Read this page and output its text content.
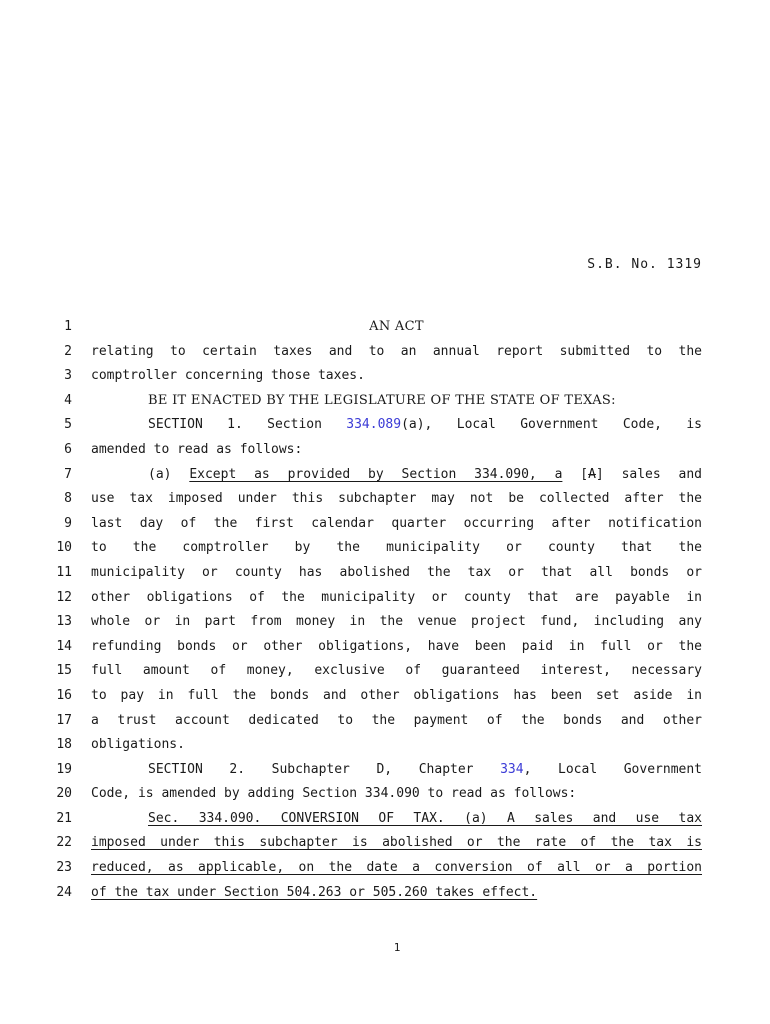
S.B. No. 1319
1	AN ACT
2 relating to certain taxes and to an annual report submitted to the
3 comptroller concerning those taxes.
4	BE IT ENACTED BY THE LEGISLATURE OF THE STATE OF TEXAS:
5	SECTION 1. Section 334.089(a), Local Government Code, is
6 amended to read as follows:
7	(a) Except as provided by Section 334.090, a [A] sales and
8 use tax imposed under this subchapter may not be collected after the
9 last day of the first calendar quarter occurring after notification
10 to the comptroller by the municipality or county that the
11 municipality or county has abolished the tax or that all bonds or
12 other obligations of the municipality or county that are payable in
13 whole or in part from money in the venue project fund, including any
14 refunding bonds or other obligations, have been paid in full or the
15 full amount of money, exclusive of guaranteed interest, necessary
16 to pay in full the bonds and other obligations has been set aside in
17 a trust account dedicated to the payment of the bonds and other
18 obligations.
19	SECTION 2. Subchapter D, Chapter 334, Local Government
20 Code, is amended by adding Section 334.090 to read as follows:
21	Sec. 334.090. CONVERSION OF TAX. (a) A sales and use tax
22 imposed under this subchapter is abolished or the rate of the tax is
23 reduced, as applicable, on the date a conversion of all or a portion
24 of the tax under Section 504.263 or 505.260 takes effect.
1
